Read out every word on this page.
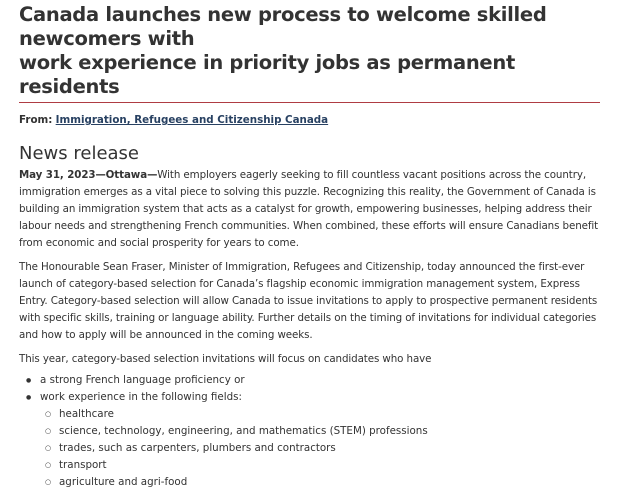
Canada launches new process to welcome skilled newcomers with
work experience in priority jobs as permanent residents
From: Immigration, Refugees and Citizenship Canada
News release

May 31, 2023—Ottawa—With employers eagerly seeking to fill countless vacant positions across the country, immigration emerges as a vital piece to solving this puzzle. Recognizing this reality, the Government of Canada is building an immigration system that acts as a catalyst for growth, empowering businesses, helping address their labour needs and strengthening French communities. When combined, these efforts will ensure Canadians benefit from economic and social prosperity for years to come.

The Honourable Sean Fraser, Minister of Immigration, Refugees and Citizenship, today announced the first-ever launch of category-based selection for Canada’s flagship economic immigration management system, Express Entry. Category-based selection will allow Canada to issue invitations to apply to prospective permanent residents with specific skills, training or language ability. Further details on the timing of invitations for individual categories and how to apply will be announced in the coming weeks.

This year, category-based selection invitations will focus on candidates who have

● a strong French language proficiency or
● work experience in the following fields:
○ healthcare
○ science, technology, engineering, and mathematics (STEM) professions
○ trades, such as carpenters, plumbers and contractors
○ transport
○ agriculture and agri-food
